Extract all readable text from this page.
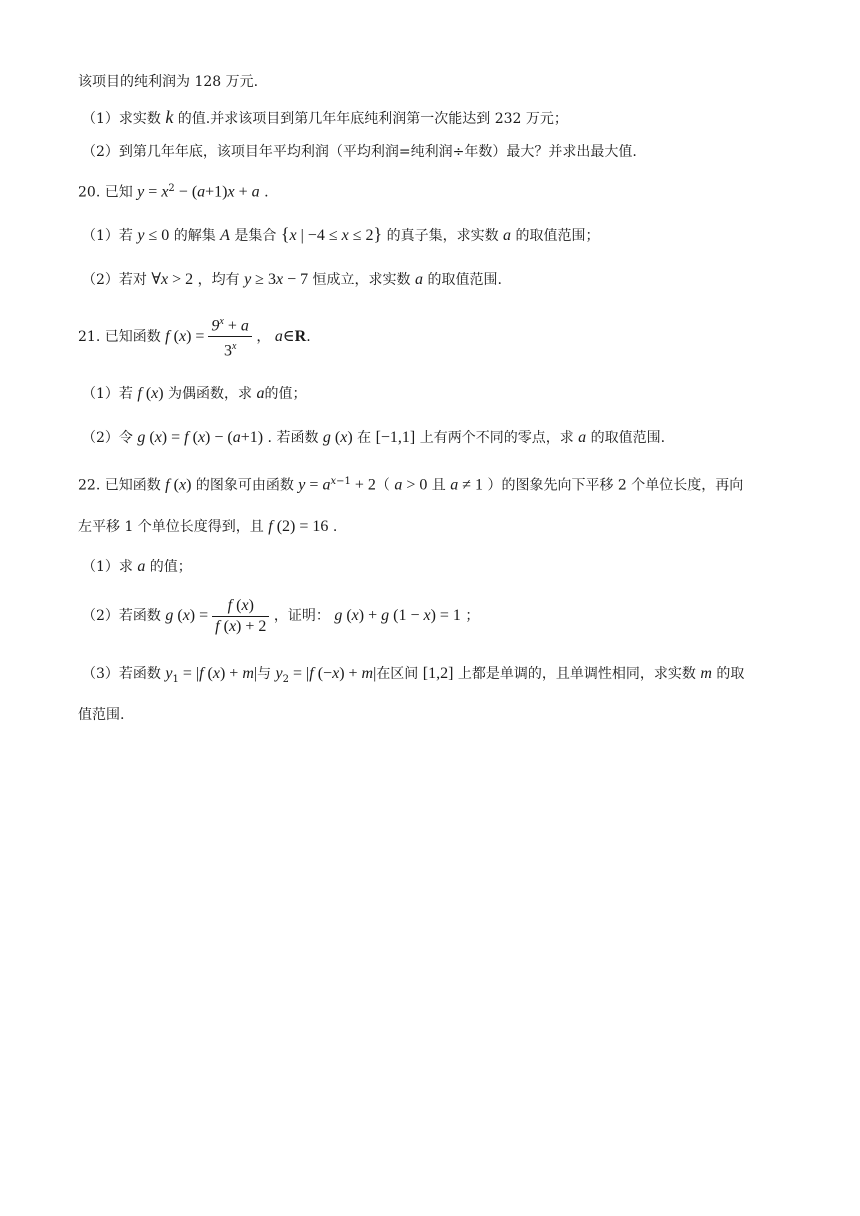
该项目的纯利润为 128 万元.
（1）求实数 k 的值.并求该项目到第几年年底纯利润第一次能达到 232 万元；
（2）到第几年年底，该项目年平均利润（平均利润=纯利润÷年数）最大？并求出最大值.
20. 已知 $y = x^2 - (a+1)x + a$ .
（1）若 y ≤ 0 的解集 A 是集合 {x | −4 ≤ x ≤ 2} 的真子集，求实数 a 的取值范围；
（2）若对 ∀x > 2 ，均有 y ≥ 3x − 7 恒成立，求实数 a 的取值范围.
21. 已知函数 f $(x) = \frac{9^x + a}{3^x}$ ， a∈R.
（1）若 f (x) 为偶函数，求 a的值；
（2）令 g (x) = f (x) − (a+1) . 若函数 g (x) 在 [−1,1] 上有两个不同的零点，求 a 的取值范围.
22. 已知函数 f (x) 的图象可由函数 $y = a^{x-1} + 2$（ a > 0 且 a ≠ 1 ）的图象先向下平移 2 个单位长度，再向
左平移 1 个单位长度得到，且 f (2) = 16 .
（1）求 a 的值；
（2）若函数 g $(x) = \frac{f (x)}{f (x) + 2}$ ，证明： g (x) + g (1 − x) = 1 ；
（3）若函数 $y_1 = |f$ (x) + m|与 $y_2 = |f$ (−x) + m|在区间 [1,2] 上都是单调的，且单调性相同，求实数 m 的取
值范围.
